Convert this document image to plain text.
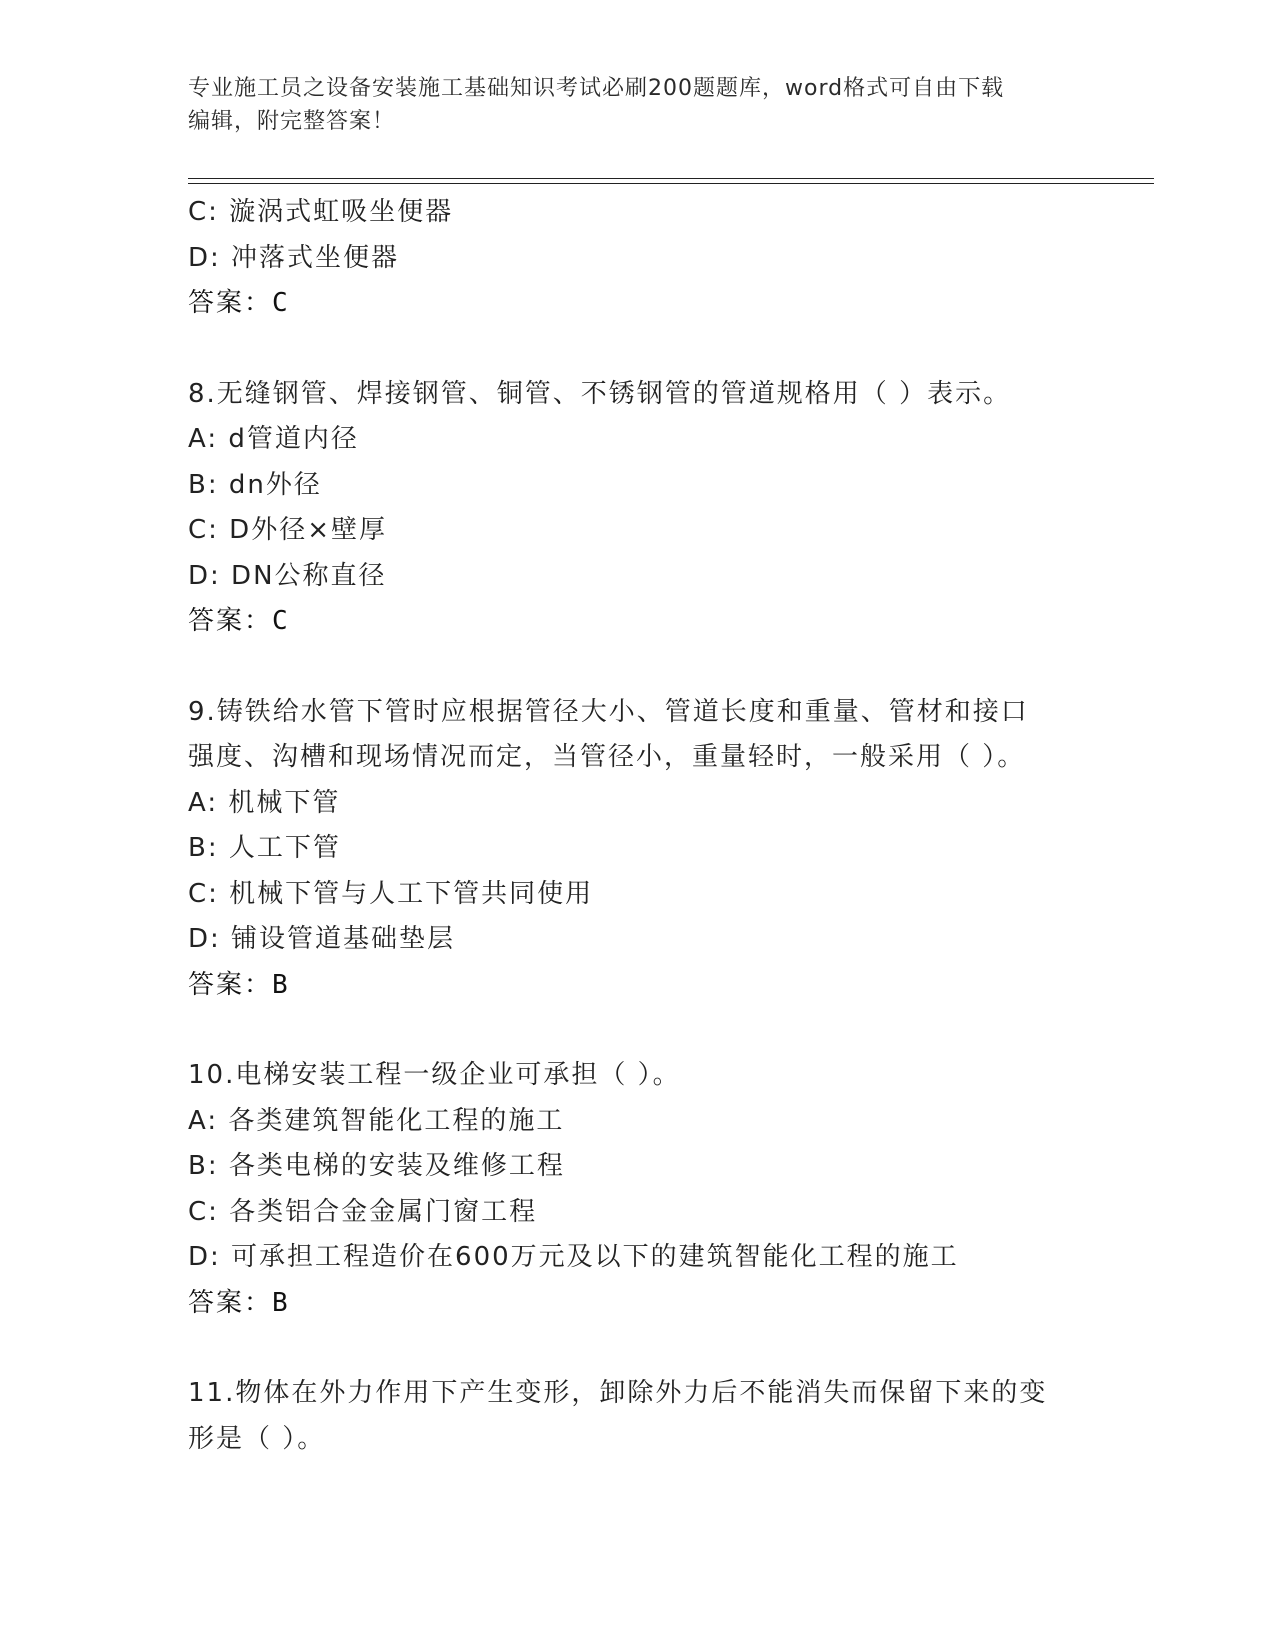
专业施工员之设备安装施工基础知识考试必刷200题题库，word格式可自由下载
编辑，附完整答案！
C: 漩涡式虹吸坐便器
D: 冲落式坐便器
答案：C
8.无缝钢管、焊接钢管、铜管、不锈钢管的管道规格用（ ）表示。
A: d管道内径
B: dn外径
C: D外径×壁厚
D: DN公称直径
答案：C
9.铸铁给水管下管时应根据管径大小、管道长度和重量、管材和接口
强度、沟槽和现场情况而定，当管径小，重量轻时，一般采用（ ）。
A: 机械下管
B: 人工下管
C: 机械下管与人工下管共同使用
D: 铺设管道基础垫层
答案：B
10.电梯安装工程一级企业可承担（ ）。
A: 各类建筑智能化工程的施工
B: 各类电梯的安装及维修工程
C: 各类铝合金金属门窗工程
D: 可承担工程造价在600万元及以下的建筑智能化工程的施工
答案：B
11.物体在外力作用下产生变形，卸除外力后不能消失而保留下来的变
形是（ ）。
